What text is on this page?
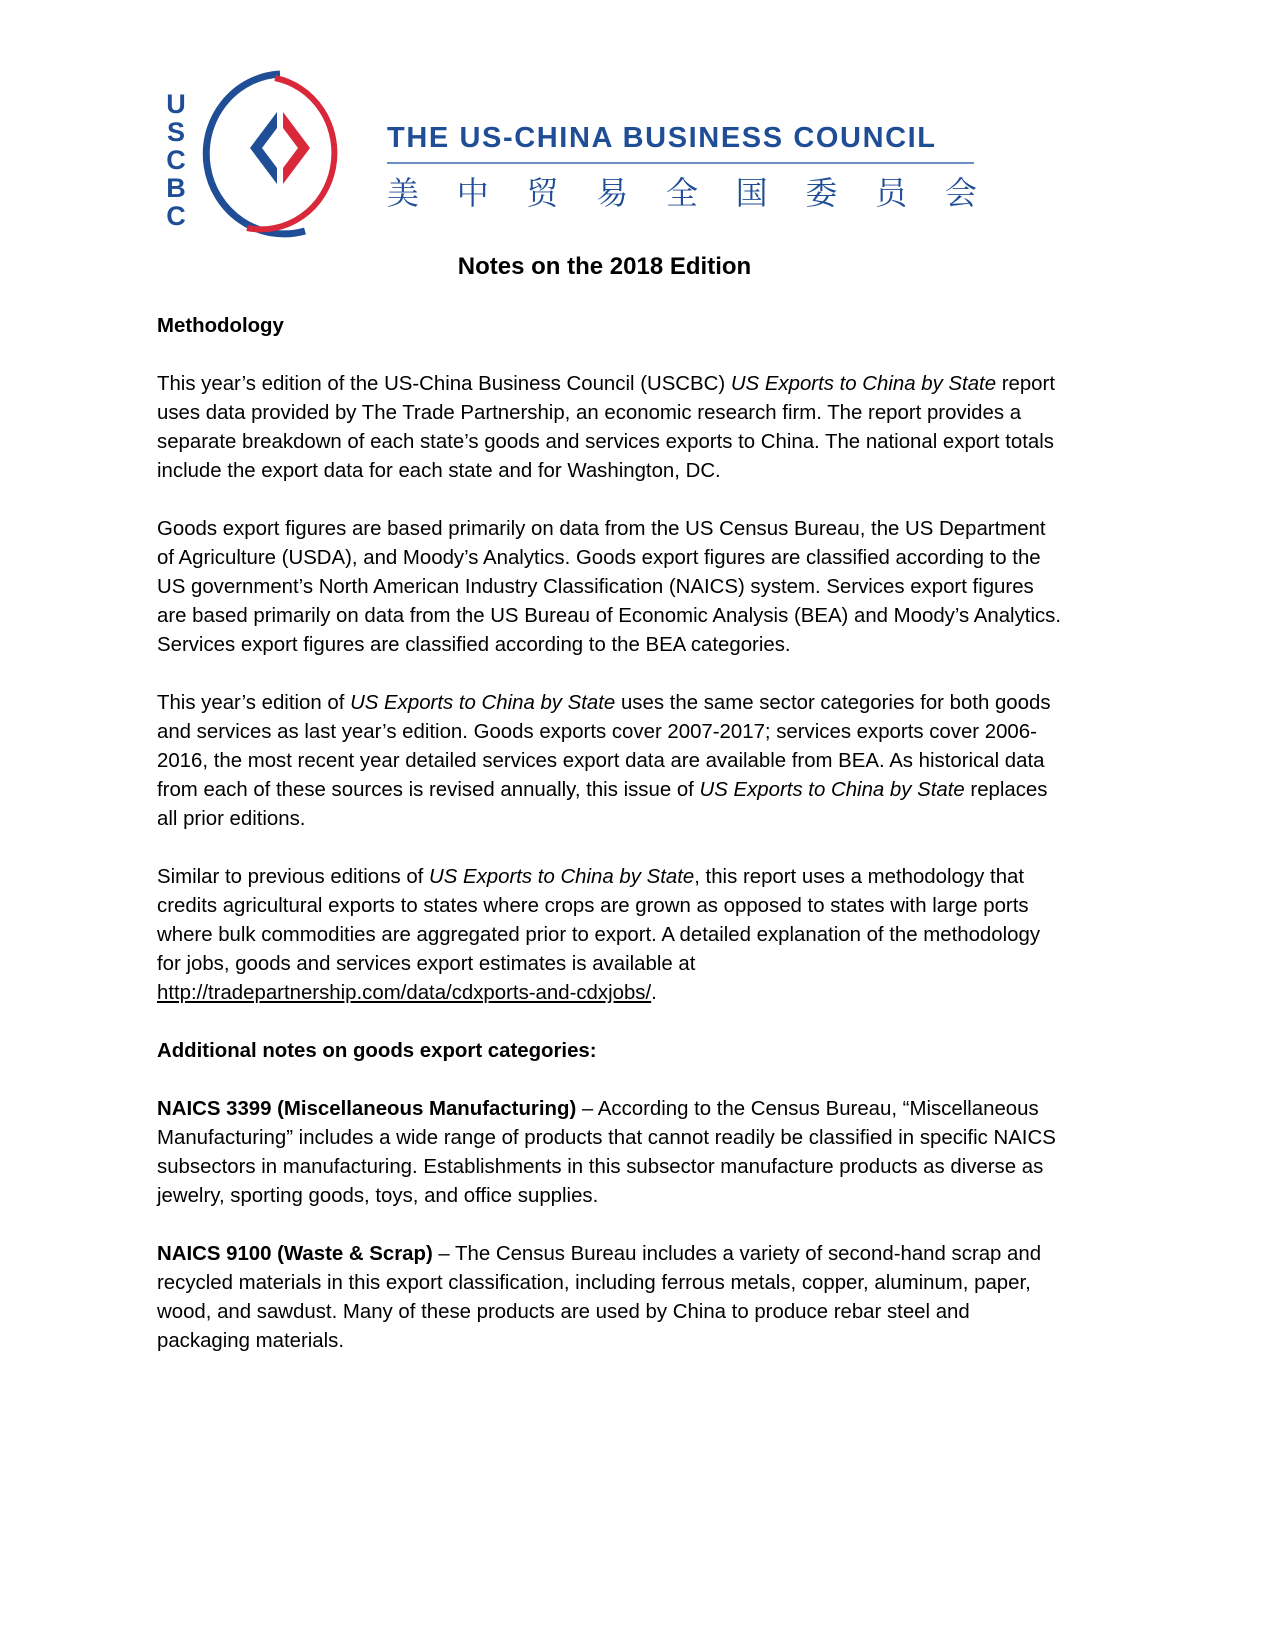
U
S
C
B
C
THE US-CHINA BUSINESS COUNCIL
美 中 贸 易 全 国 委 员 会
Notes on the 2018 Edition
Methodology

This year’s edition of the US-China Business Council (USCBC) US Exports to China by State report uses data provided by The Trade Partnership, an economic research firm. The report provides a separate breakdown of each state’s goods and services exports to China. The national export totals include the export data for each state and for Washington, DC.

Goods export figures are based primarily on data from the US Census Bureau, the US Department of Agriculture (USDA), and Moody’s Analytics. Goods export figures are classified according to the US government’s North American Industry Classification (NAICS) system. Services export figures are based primarily on data from the US Bureau of Economic Analysis (BEA) and Moody’s Analytics. Services export figures are classified according to the BEA categories.

This year’s edition of US Exports to China by State uses the same sector categories for both goods and services as last year’s edition. Goods exports cover 2007-2017; services exports cover 2006-2016, the most recent year detailed services export data are available from BEA. As historical data from each of these sources is revised annually, this issue of US Exports to China by State replaces all prior editions.

Similar to previous editions of US Exports to China by State, this report uses a methodology that credits agricultural exports to states where crops are grown as opposed to states with large ports where bulk commodities are aggregated prior to export. A detailed explanation of the methodology for jobs, goods and services export estimates is available at http://tradepartnership.com/data/cdxports-and-cdxjobs/.

Additional notes on goods export categories:

NAICS 3399 (Miscellaneous Manufacturing) – According to the Census Bureau, “Miscellaneous Manufacturing” includes a wide range of products that cannot readily be classified in specific NAICS subsectors in manufacturing. Establishments in this subsector manufacture products as diverse as jewelry, sporting goods, toys, and office supplies.

NAICS 9100 (Waste & Scrap) – The Census Bureau includes a variety of second-hand scrap and recycled materials in this export classification, including ferrous metals, copper, aluminum, paper, wood, and sawdust. Many of these products are used by China to produce rebar steel and packaging materials.
